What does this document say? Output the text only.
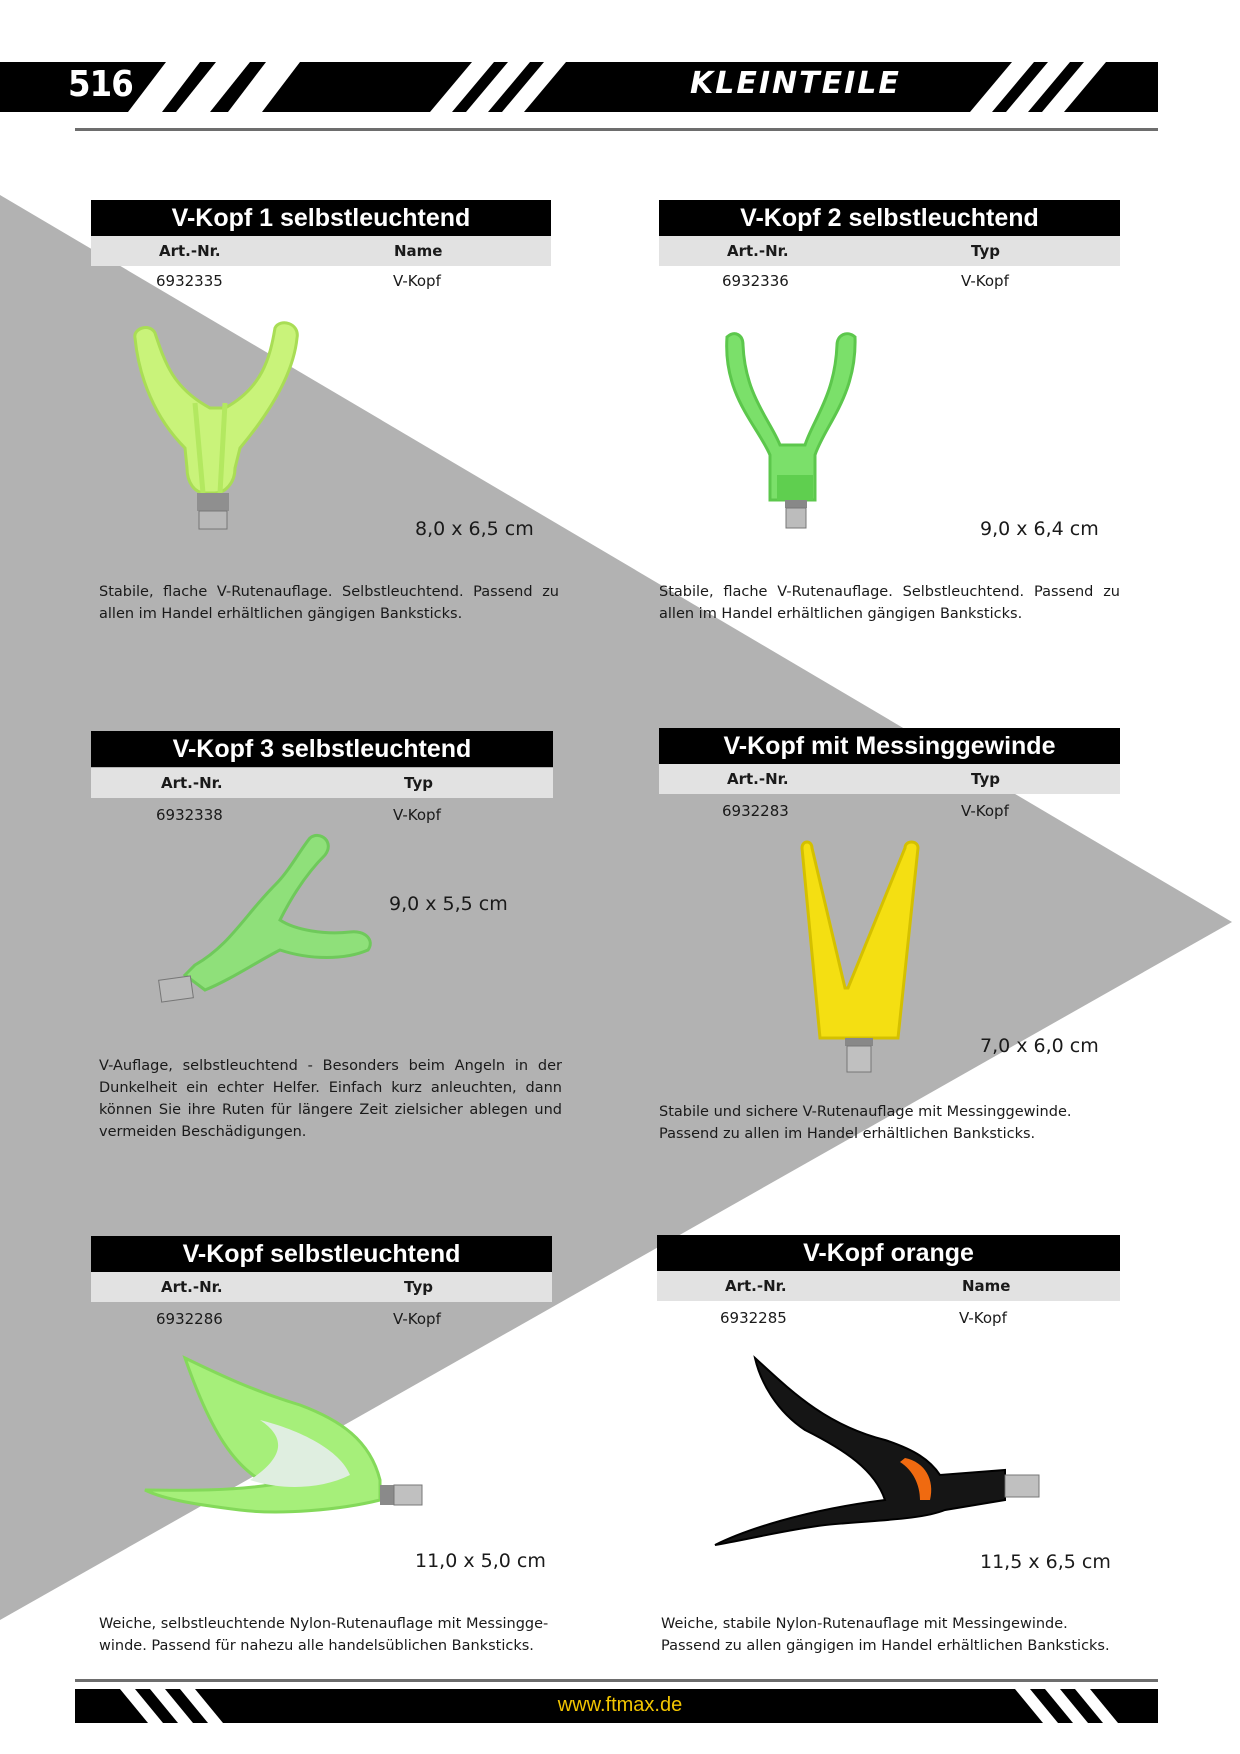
516	KLEINTEILE
V-Kopf 1 selbstleuchtend
Art.-Nr.	Name
6932335	V-Kopf
8,0 x 6,5 cm
Stabile, flache V-Rutenauflage. Selbstleuchtend. Passend zu allen im Handel erhältlichen gängigen Banksticks.
V-Kopf 2 selbstleuchtend
Art.-Nr.	Typ
6932336	V-Kopf
9,0 x 6,4 cm
Stabile, flache V-Rutenauflage. Selbstleuchtend. Passend zu allen im Handel erhältlichen gängigen Banksticks.
V-Kopf 3 selbstleuchtend
Art.-Nr.	Typ
6932338	V-Kopf
9,0 x 5,5 cm
V-Auflage, selbstleuchtend - Besonders beim Angeln in der Dunkelheit ein echter Helfer. Einfach kurz anleuchten, dann können Sie ihre Ruten für längere Zeit zielsicher ablegen und vermeiden Beschädigungen.
V-Kopf mit Messinggewinde
Art.-Nr.	Typ
6932283	V-Kopf
7,0 x 6,0 cm
Stabile und sichere V-Rutenauflage mit Messinggewinde. Passend zu allen im Handel erhältlichen Banksticks.
V-Kopf selbstleuchtend
Art.-Nr.	Typ
6932286	V-Kopf
11,0 x 5,0 cm
Weiche, selbstleuchtende Nylon-Rutenauflage mit Messingge-winde. Passend für nahezu alle handelsüblichen Banksticks.
V-Kopf orange
Art.-Nr.	Name
6932285	V-Kopf
11,5 x 6,5 cm
Weiche, stabile Nylon-Rutenauflage mit Messingewinde. Passend zu allen gängigen im Handel erhältlichen Banksticks.
www.ftmax.de
